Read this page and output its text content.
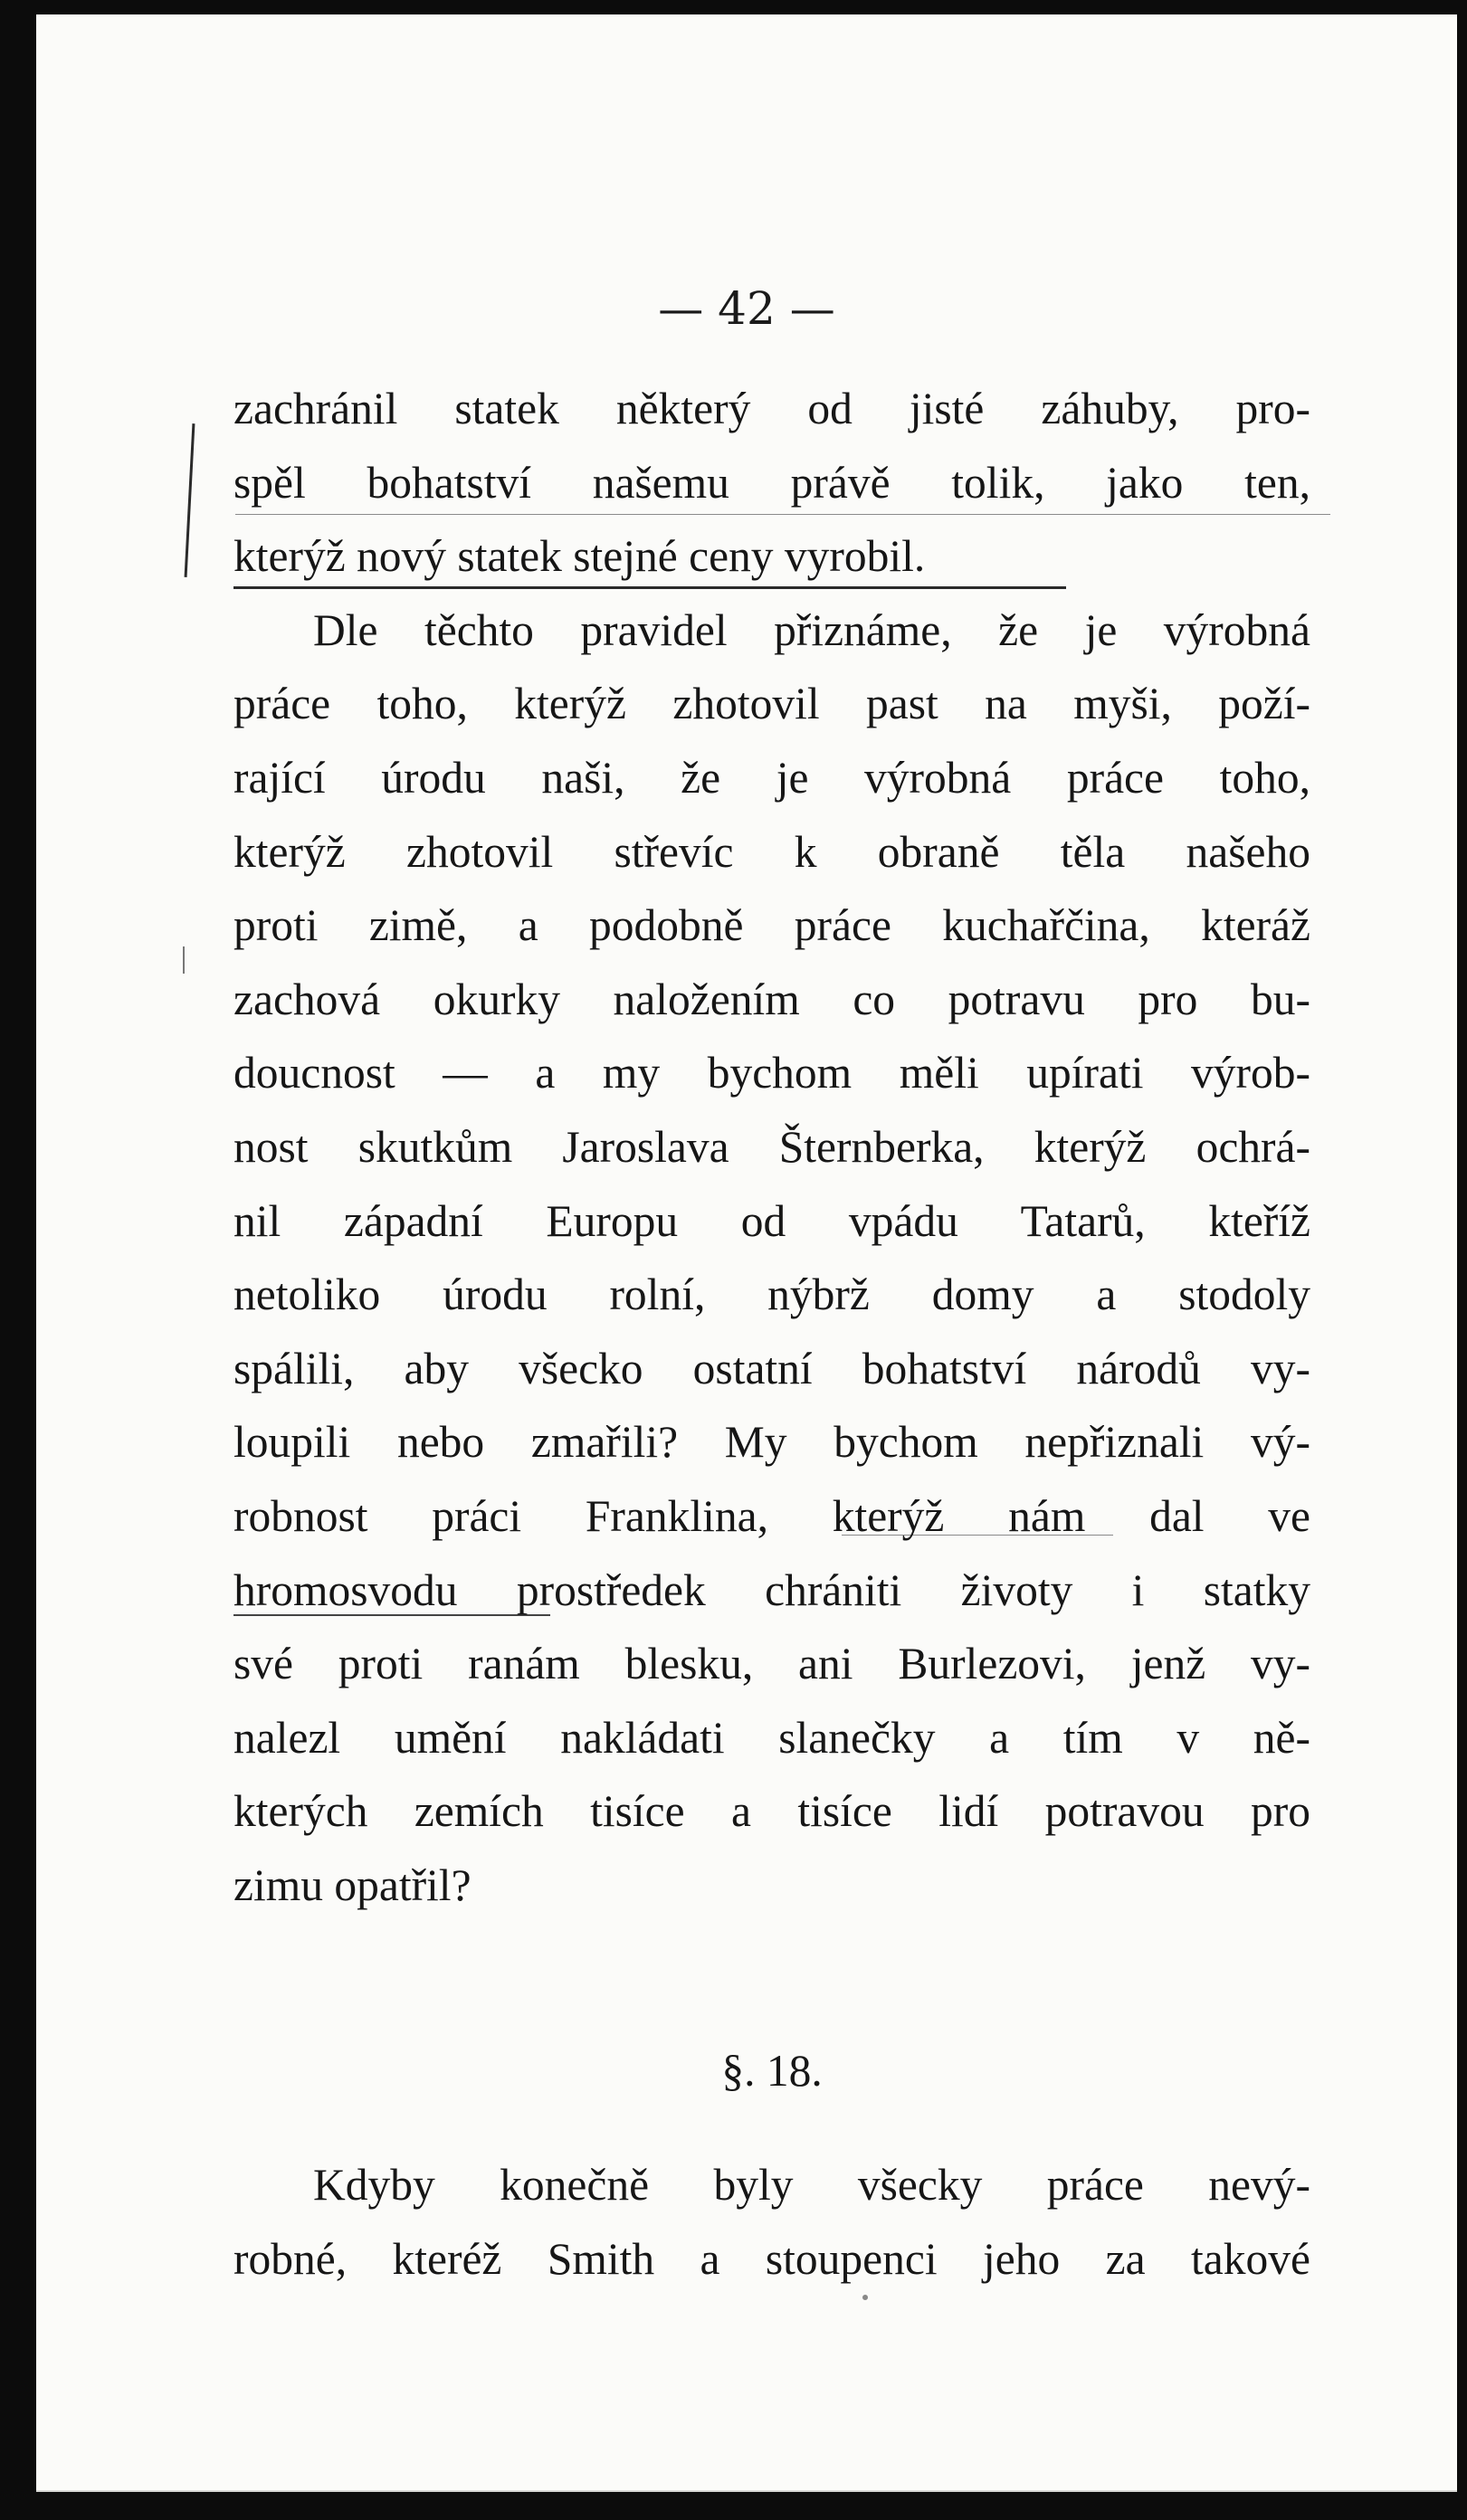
— 42 —
zachránil statek některý od jisté záhuby, pro-
spěl bohatství našemu právě tolik, jako ten,
kterýž nový statek stejné ceny vyrobil.
Dle těchto pravidel přiznáme, že je výrobná
práce toho, kterýž zhotovil past na myši, poží-
rající úrodu naši, že je výrobná práce toho,
kterýž zhotovil střevíc k obraně těla našeho
proti zimě, a podobně práce kuchařčina, kteráž
zachová okurky naložením co potravu pro bu-
doucnost — a my bychom měli upírati výrob-
nost skutkům Jaroslava Šternberka, kterýž ochrá-
nil západní Europu od vpádu Tatarů, kteříž
netoliko úrodu rolní, nýbrž domy a stodoly
spálili, aby všecko ostatní bohatství národů vy-
loupili nebo zmařili? My bychom nepřiznali vý-
robnost práci Franklina, kterýž nám dal ve
hromosvodu prostředek chrániti životy i statky
své proti ranám blesku, ani Burlezovi, jenž vy-
nalezl umění nakládati slanečky a tím v ně-
kterých zemích tisíce a tisíce lidí potravou pro
zimu opatřil?
§. 18.
Kdyby konečně byly všecky práce nevý-
robné, kteréž Smith a stoupenci jeho za takové
